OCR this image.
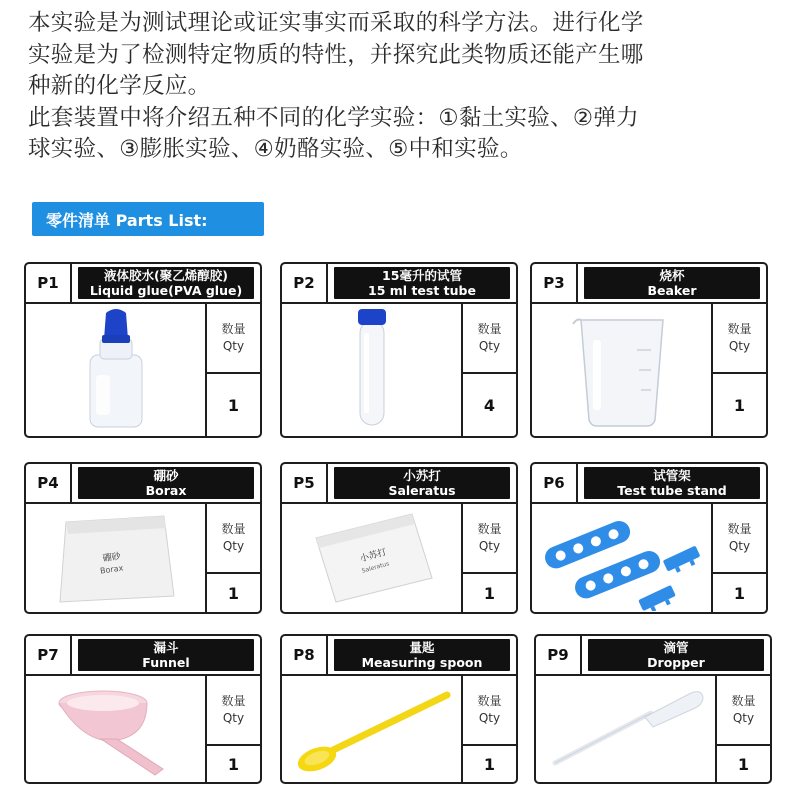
本实验是为测试理论或证实事实而采取的科学方法。进行化学

实验是为了检测特定物质的特性，并探究此类物质还能产生哪

种新的化学反应。

此套装置中将介绍五种不同的化学实验：①黏土实验、②弹力

球实验、③膨胀实验、④奶酪实验、⑤中和实验。

零件清单 Parts List:
P1	液体胶水(聚乙烯醇胶)
Liquid glue(PVA glue)
数量
Qty
1
P2	15毫升的试管
15 ml test tube
数量
Qty
4
P3	烧杯
Beaker
数量
Qty
1
P4	硼砂
Borax
硼砂
Borax
数量
Qty
1
P5	小苏打
Saleratus
小苏打
Saleratus
数量
Qty
1
P6	试管架
Test tube stand
数量
Qty
1
P7	漏斗
Funnel
数量
Qty
1
P8	量匙
Measuring spoon
数量
Qty
1
P9	滴管
Dropper
数量
Qty
1
